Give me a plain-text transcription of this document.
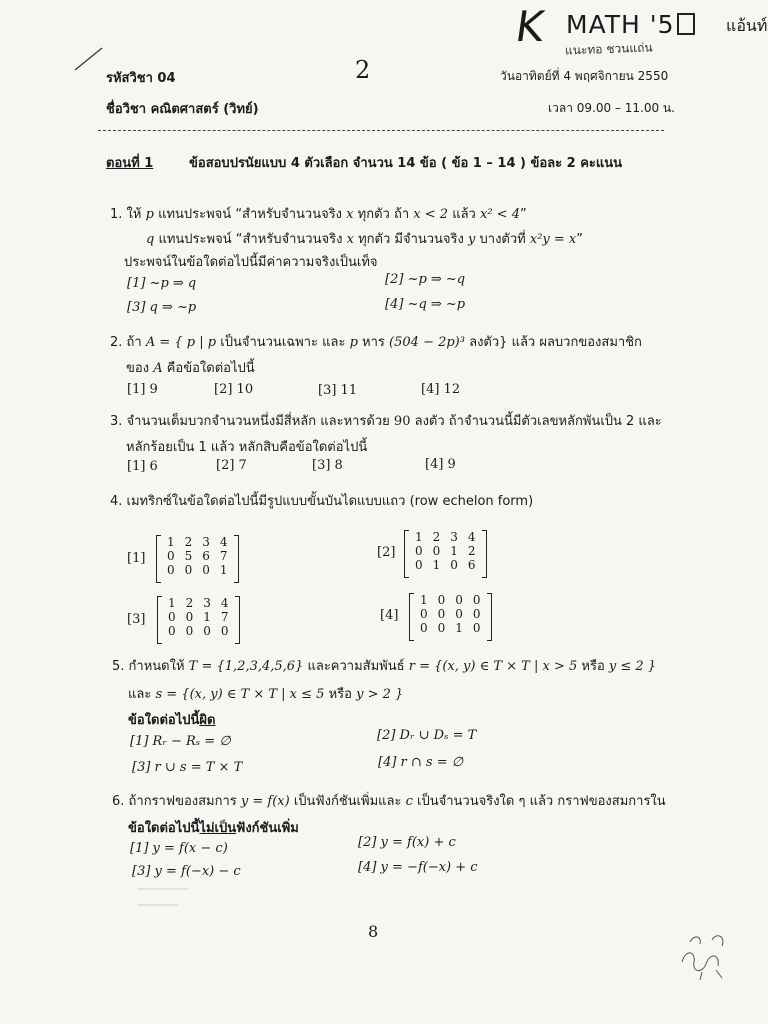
K MATH '5	แอ้นท์
แนะทอ ชวนแถ่น
รหัสวิชา 04	2	วันอาทิตย์ที่ 4 พฤศจิกายน 2550
ชื่อวิชา คณิตศาสตร์ (วิทย์)	เวลา 09.00 – 11.00 น.
ตอนที่ 1	ข้อสอบปรนัยแบบ 4 ตัวเลือก จำนวน 14 ข้อ ( ข้อ 1 – 14 ) ข้อละ 2 คะแนน
1. ให้ p แทนประพจน์ “สำหรับจำนวนจริง x ทุกตัว ถ้า x < 2 แล้ว x² < 4”
q แทนประพจน์ “สำหรับจำนวนจริง x ทุกตัว มีจำนวนจริง y บางตัวที่ x²y = x”
ประพจน์ในข้อใดต่อไปนี้มีค่าความจริงเป็นเท็จ
[1] ~p ⇒ q	[2] ~p ⇒ ~q
[3] q ⇒ ~p	[4] ~q ⇒ ~p
2. ถ้า A = { p | p เป็นจำนวนเฉพาะ และ p หาร (504 − 2p)³ ลงตัว} แล้ว ผลบวกของสมาชิก
ของ A คือข้อใดต่อไปนี้
[1] 9	[2] 10	[3] 11	[4] 12
3. จำนวนเต็มบวกจำนวนหนึ่งมีสี่หลัก และหารด้วย 90 ลงตัว ถ้าจำนวนนี้มีตัวเลขหลักพันเป็น 2 และ
หลักร้อยเป็น 1 แล้ว หลักสิบคือข้อใดต่อไปนี้
[1] 6	[2] 7	[3] 8	[4] 9
4. เมทริกซ์ในข้อใดต่อไปนี้มีรูปแบบขั้นบันไดแบบแถว (row echelon form)
[1]
1	2	3	4
0	5	6	7
0	0	0	1
[2]
1	2	3	4
0	0	1	2
0	1	0	6
[3]
1	2	3	4
0	0	1	7
0	0	0	0
[4]
1	0	0	0
0	0	0	0
0	0	1	0
5. กำหนดให้ T = {1,2,3,4,5,6} และความสัมพันธ์ r = {(x, y) ∈ T × T | x > 5 หรือ y ≤ 2 }
และ s = {(x, y) ∈ T × T | x ≤ 5 หรือ y > 2 }
ข้อใดต่อไปนี้ผิด
[1] Rᵣ − Rₛ = ∅	[2] Dᵣ ∪ Dₛ = T
[3] r ∪ s = T × T	[4] r ∩ s = ∅
6. ถ้ากราฟของสมการ y = f(x) เป็นฟังก์ชันเพิ่มและ c เป็นจำนวนจริงใด ๆ แล้ว กราฟของสมการใน
ข้อใดต่อไปนี้ไม่เป็นฟังก์ชันเพิ่ม
[1] y = f(x − c)	[2] y = f(x) + c
[3] y = f(−x) − c	[4] y = −f(−x) + c
8
